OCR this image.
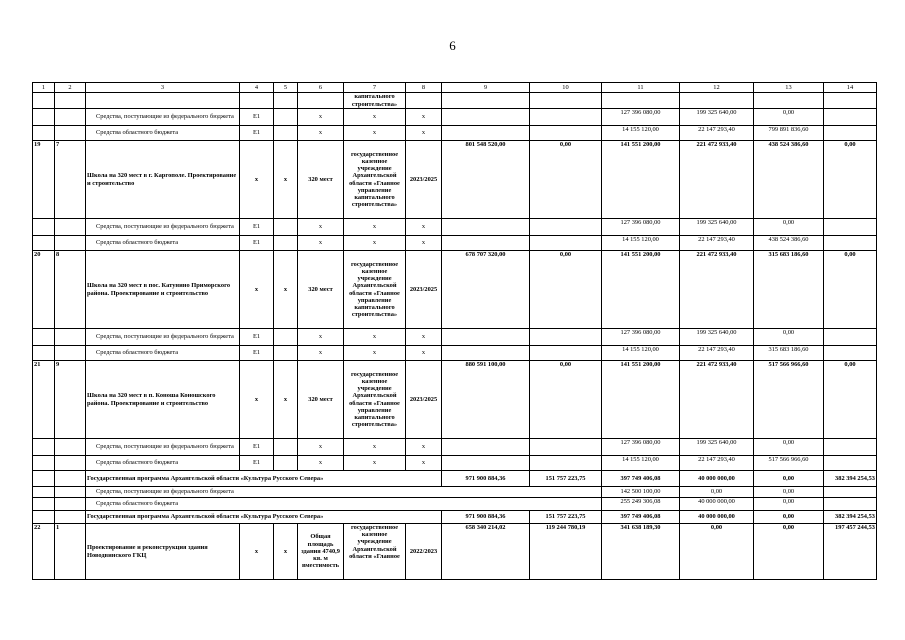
6
1	2	3	4	5	6	7	8	9	10	11	12	13	14
						капитального строительства»							
		Средства, поступающие из федерального бюджета	Е1		х	х	х			127 396 080,00	199 325 640,00	0,00	
		Средства областного бюджета	Е1		х	х	х			14 155 120,00	22 147 293,40	799 891 836,60	
19	7	Школа на 320 мест в г. Каргополе. Проектирование и строительство	х	х	320 мест	государственное казенное учреждение Архангельской области «Главное управление капитального строительства»	2023/2025	801 548 520,00	0,00	141 551 200,00	221 472 933,40	438 524 386,60	0,00
		Средства, поступающие из федерального бюджета	Е1		х	х	х			127 396 080,00	199 325 640,00	0,00	
		Средства областного бюджета	Е1		х	х	х			14 155 120,00	22 147 293,40	438 524 386,60	
20	8	Школа на 320 мест в пос. Катунино Приморского района. Проектирование и строительство	х	х	320 мест	государственное казенное учреждение Архангельской области «Главное управление капитального строительства»	2023/2025	678 707 320,00	0,00	141 551 200,00	221 472 933,40	315 683 186,60	0,00
		Средства, поступающие из федерального бюджета	Е1		х	х	х			127 396 080,00	199 325 640,00	0,00	
		Средства областного бюджета	Е1		х	х	х			14 155 120,00	22 147 293,40	315 683 186,60	
21	9	Школа на 320 мест в п. Коноша Коношского района. Проектирование и строительство	х	х	320 мест	государственное казенное учреждение Архангельской области «Главное управление капитального строительства»	2023/2025	880 591 100,00	0,00	141 551 200,00	221 472 933,40	517 566 966,60	0,00
		Средства, поступающие из федерального бюджета	Е1		х	х	х			127 396 080,00	199 325 640,00	0,00	
		Средства областного бюджета	Е1		х	х	х			14 155 120,00	22 147 293,40	517 566 966,60	
		Государственная программа Архангельской области «Культура Русского Севера»						971 900 884,36	151 757 223,75	397 749 406,08	40 000 000,00	0,00	382 394 254,53
		Средства, поступающие из федерального бюджета								142 500 100,00	0,00	0,00	
		Средства областного бюджета								255 249 306,08	40 000 000,00	0,00	
		Государственная программа Архангельской области «Культура Русского Севера»						971 900 884,36	151 757 223,75	397 749 406,08	40 000 000,00	0,00	382 394 254,53
22	1	Проектирование и реконструкция здания Новодвинского ГКЦ	х	х	Общая площадь здания 4740,9 кв. м вместимость	государственное казенное учреждение Архангельской области «Главное	2022/2023	658 340 214,02	119 244 780,19	341 638 189,30	0,00	0,00	197 457 244,53
